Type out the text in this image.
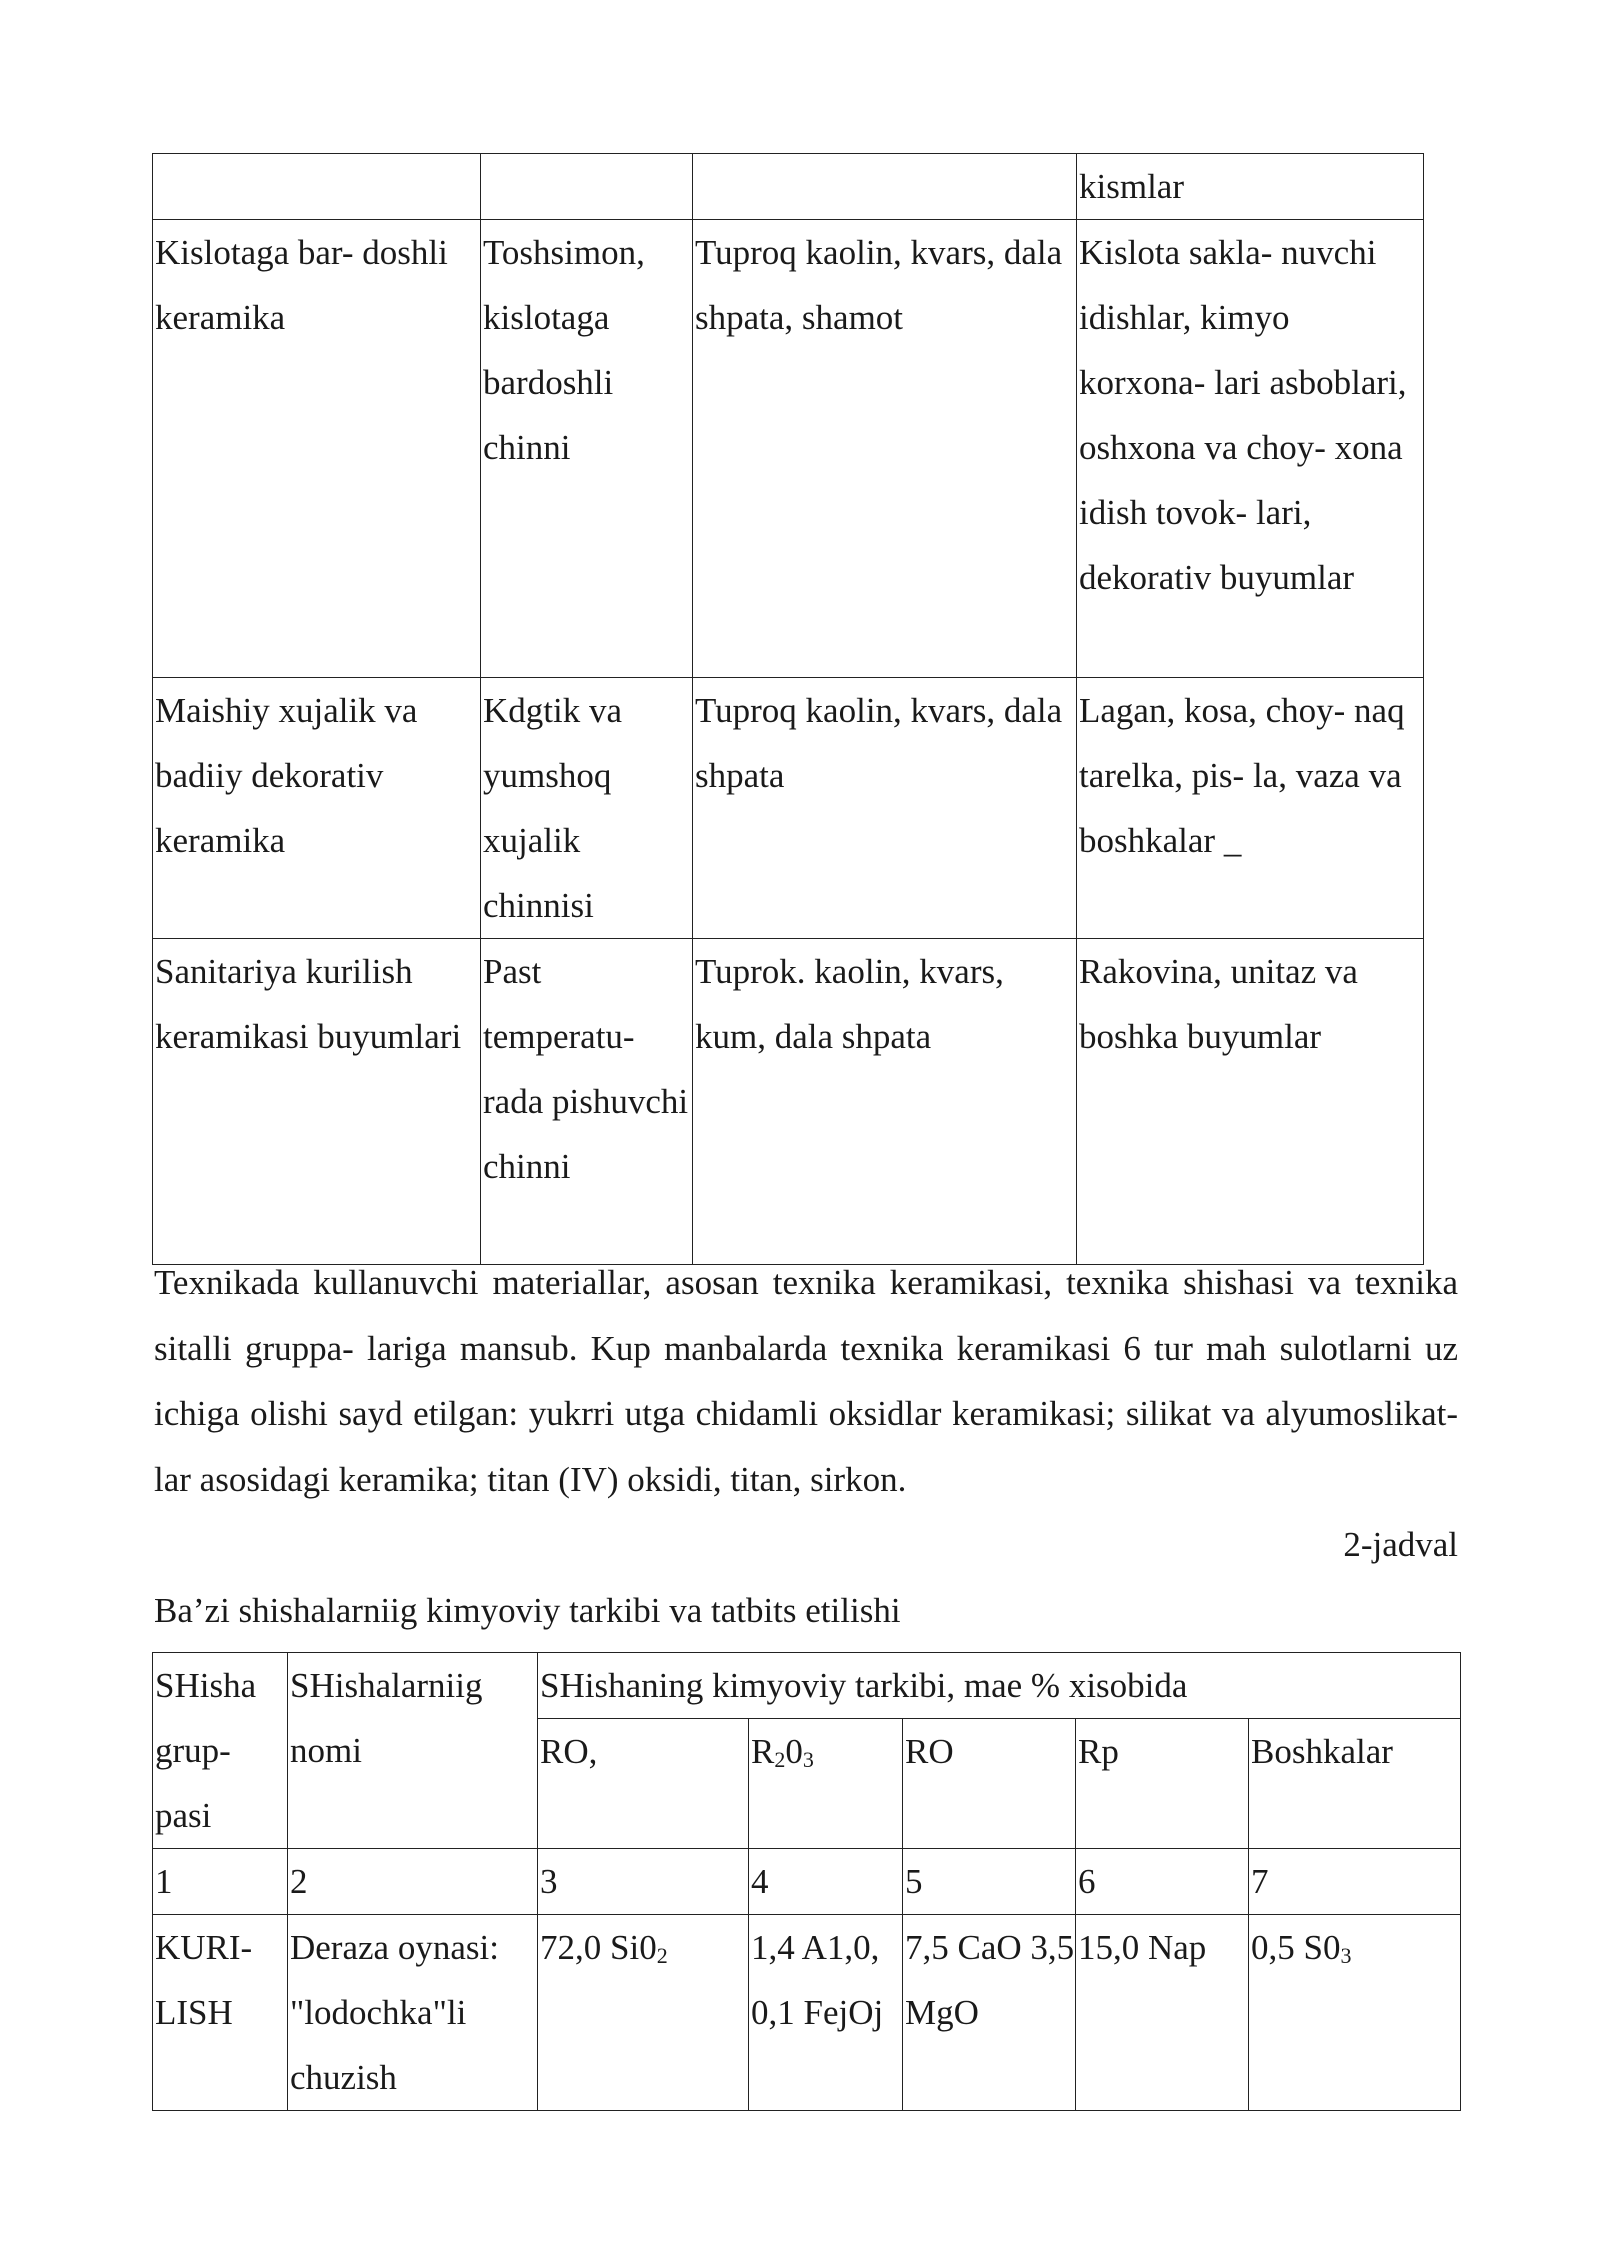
			kismlar
Kislotaga bar- doshli keramika	Toshsimon, kislotaga bardoshli chinni	Tuproq kaolin, kvars, dala shpata, shamot	Kislota sakla- nuvchi idishlar, kimyo korxona- lari asboblari, oshxona va choy- xona idish tovok- lari, dekorativ buyumlar
Maishiy xujalik va badiiy dekorativ keramika	Kdgtik va yumshoq xujalik chinnisi	Tuproq kaolin, kvars, dala shpata	Lagan, kosa, choy- naq tarelka, pis- la, vaza va boshkalar _
Sanitariya kurilish keramikasi buyumlari	Past temperatu- rada pishuvchi chinni	Tuprok. kaolin, kvars, kum, dala shpata	Rakovina, unitaz va boshka buyumlar

Texnikada kullanuvchi materiallar, asosan texnika keramikasi, texnika shishasi va texnika sitalli gruppa- lariga mansub. Kup manbalarda texnika keramikasi 6 tur mah sulotlarni uz ichiga olishi sayd etilgan: yukrri utga chidamli oksidlar keramikasi; silikat va alyumoslikat- lar asosidagi keramika; titan (IV) oksidi, titan, sirkon.

2-jadval

Ba’zi shishalarniig kimyoviy tarkibi va tatbits etilishi

SHisha grup- pasi	SHishalarniig nomi	SHishaning kimyoviy tarkibi, mae % xisobida				
		RO,	$R_20_3$	RO	Rp	Boshkalar
1	2	3	4	5	6	7
KURI- LISH	Deraza oynasi: "lodochka"li chuzish	72,0 $Si0_2$	1,4 A1,0, 0,1 FejOj	7,5 CaO 3,5 MgO	15,0 Nap	0,5 $S0_3$
